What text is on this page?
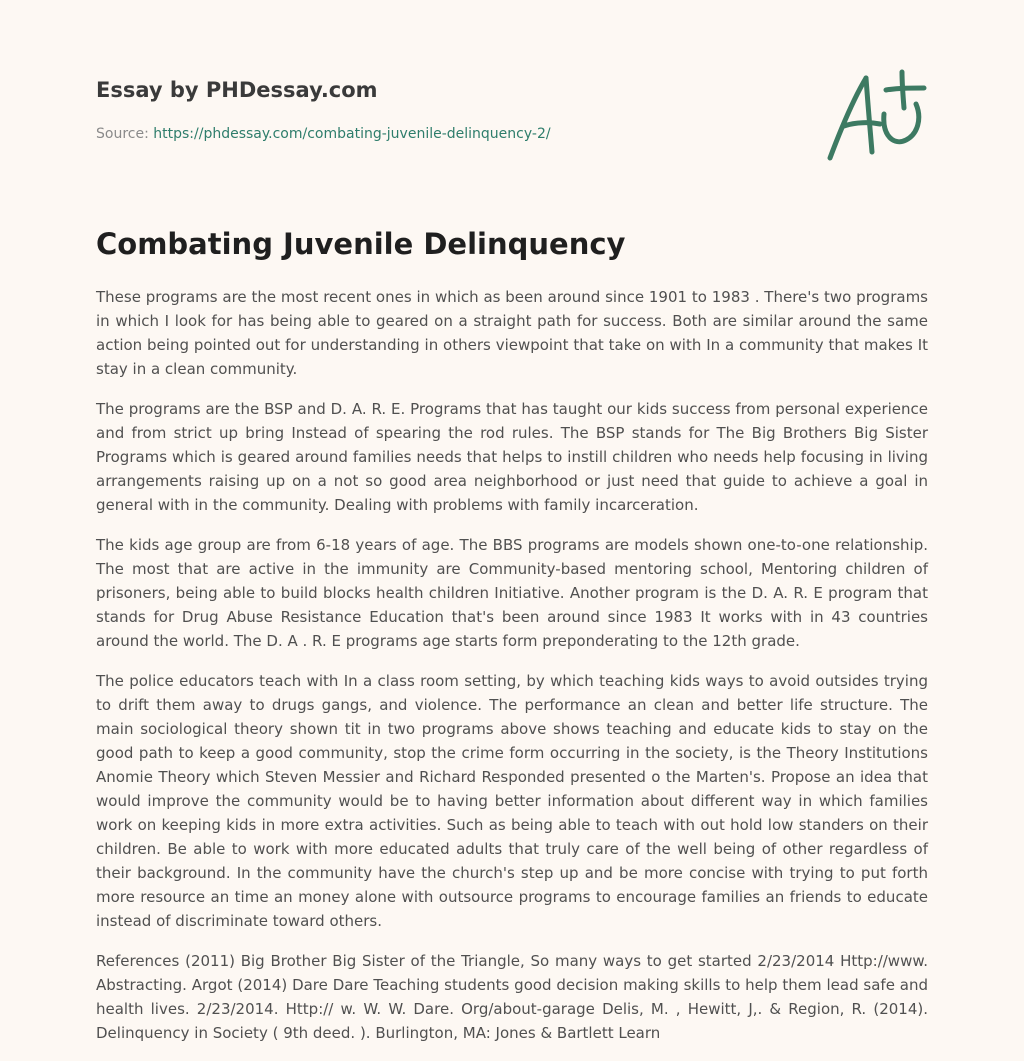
Essay by PHDessay.com
Source: https://phdessay.com/combating-juvenile-delinquency-2/
Combating Juvenile Delinquency

These programs are the most recent ones in which as been around since 1901 to 1983 . There's two programs in which I look for has being able to geared on a straight path for success. Both are similar around the same action being pointed out for understanding in others viewpoint that take on with In a community that makes It stay in a clean community.

The programs are the BSP and D. A. R. E. Programs that has taught our kids success from personal experience and from strict up bring Instead of spearing the rod rules. The BSP stands for The Big Brothers Big Sister Programs which is geared around families needs that helps to instill children who needs help focusing in living arrangements raising up on a not so good area neighborhood or just need that guide to achieve a goal in general with in the community. Dealing with problems with family incarceration.

The kids age group are from 6-18 years of age. The BBS programs are models shown one-to-one relationship. The most that are active in the immunity are Community-based mentoring school, Mentoring children of prisoners, being able to build blocks health children Initiative. Another program is the D. A. R. E program that stands for Drug Abuse Resistance Education that's been around since 1983 It works with in 43 countries around the world. The D. A . R. E programs age starts form preponderating to the 12th grade.

The police educators teach with In a class room setting, by which teaching kids ways to avoid outsides trying to drift them away to drugs gangs, and violence. The performance an clean and better life structure. The main sociological theory shown tit in two programs above shows teaching and educate kids to stay on the good path to keep a good community, stop the crime form occurring in the society, is the Theory Institutions Anomie Theory which Steven Messier and Richard Responded presented o the Marten's. Propose an idea that would improve the community would be to having better information about different way in which families work on keeping kids in more extra activities. Such as being able to teach with out hold low standers on their children. Be able to work with more educated adults that truly care of the well being of other regardless of their background. In the community have the church's step up and be more concise with trying to put forth more resource an time an money alone with outsource programs to encourage families an friends to educate instead of discriminate toward others.

References (2011) Big Brother Big Sister of the Triangle, So many ways to get started 2/23/2014 Http://www. Abstracting. Argot (2014) Dare Dare Teaching students good decision making skills to help them lead safe and health lives. 2/23/2014. Http:// w. W. W. Dare. Org/about-garage Delis, M. , Hewitt, J,. & Region, R. (2014). Delinquency in Society ( 9th deed. ). Burlington, MA: Jones & Bartlett Learn
